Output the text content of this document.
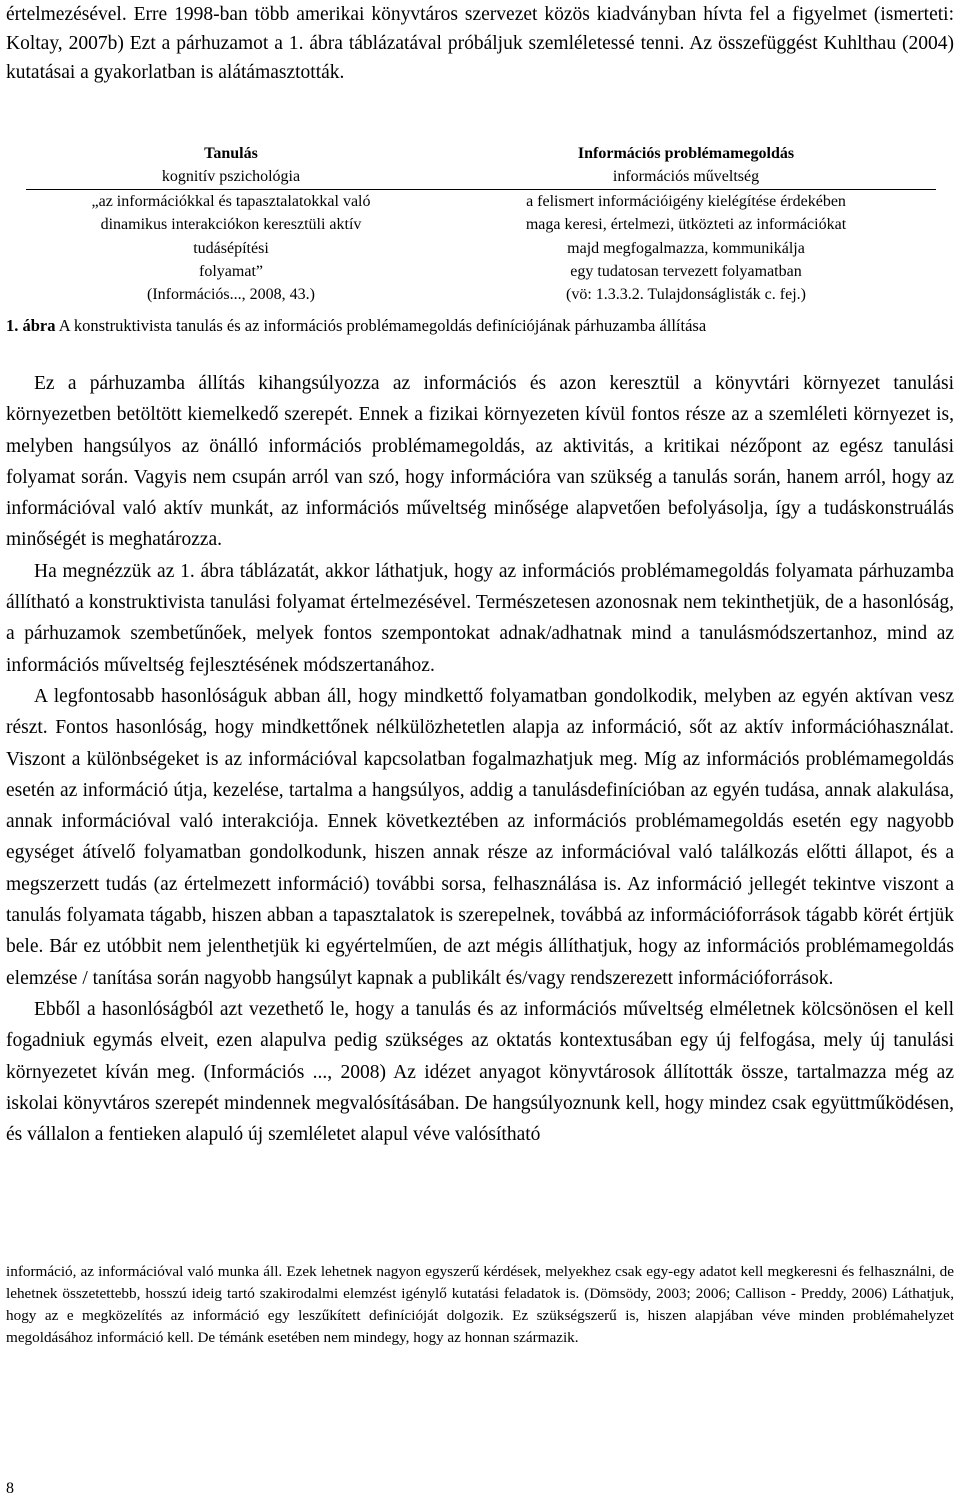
értelmezésével. Erre 1998-ban több amerikai könyvtáros szervezet közös kiadványban hívta fel a figyelmet (ismerteti: Koltay, 2007b) Ezt a párhuzamot a 1. ábra táblázatával próbáljuk szemléletessé tenni. Az összefüggést Kuhlthau (2004) kutatásai a gyakorlatban is alátámasztották.

Tanulás	Információs problémamegoldás
kognitív pszichológia	információs műveltség
„az információkkal és tapasztalatokkal való	a felismert információigény kielégítése érdekében
dinamikus interakciókon keresztüli aktív	maga keresi, értelmezi, ütközteti az információkat
tudásépítési	majd megfogalmazza, kommunikálja
folyamat”	egy tudatosan tervezett folyamatban
(Információs..., 2008, 43.)	(vö: 1.3.3.2. Tulajdonságlisták c. fej.)
1. ábra A konstruktivista tanulás és az információs problémamegoldás definíciójának párhuzamba állítása

Ez a párhuzamba állítás kihangsúlyozza az információs és azon keresztül a könyvtári környezet tanulási környezetben betöltött kiemelkedő szerepét. Ennek a fizikai környezeten kívül fontos része az a szemléleti környezet is, melyben hangsúlyos az önálló információs problémamegoldás, az aktivitás, a kritikai nézőpont az egész tanulási folyamat során. Vagyis nem csupán arról van szó, hogy információra van szükség a tanulás során, hanem arról, hogy az információval való aktív munkát, az információs műveltség minősége alapvetően befolyásolja, így a tudáskonstruálás minőségét is meghatározza.

Ha megnézzük az 1. ábra táblázatát, akkor láthatjuk, hogy az információs problémamegoldás folyamata párhuzamba állítható a konstruktivista tanulási folyamat értelmezésével. Természetesen azonosnak nem tekinthetjük, de a hasonlóság, a párhuzamok szembetűnőek, melyek fontos szempontokat adnak/adhatnak mind a tanulásmódszertanhoz, mind az információs műveltség fejlesztésének módszertanához.

A legfontosabb hasonlóságuk abban áll, hogy mindkettő folyamatban gondolkodik, melyben az egyén aktívan vesz részt. Fontos hasonlóság, hogy mindkettőnek nélkülözhetetlen alapja az információ, sőt az aktív információhasználat. Viszont a különbségeket is az információval kapcsolatban fogalmazhatjuk meg. Míg az információs problémamegoldás esetén az információ útja, kezelése, tartalma a hangsúlyos, addig a tanulásdefinícióban az egyén tudása, annak alakulása, annak információval való interakciója. Ennek következtében az információs problémamegoldás esetén egy nagyobb egységet átívelő folyamatban gondolkodunk, hiszen annak része az információval való találkozás előtti állapot, és a megszerzett tudás (az értelmezett információ) további sorsa, felhasználása is. Az információ jellegét tekintve viszont a tanulás folyamata tágabb, hiszen abban a tapasztalatok is szerepelnek, továbbá az információforrások tágabb körét értjük bele. Bár ez utóbbit nem jelenthetjük ki egyértelműen, de azt mégis állíthatjuk, hogy az információs problémamegoldás elemzése / tanítása során nagyobb hangsúlyt kapnak a publikált és/vagy rendszerezett információforrások.

Ebből a hasonlóságból azt vezethető le, hogy a tanulás és az információs műveltség elméletnek kölcsönösen el kell fogadniuk egymás elveit, ezen alapulva pedig szükséges az oktatás kontextusában egy új felfogása, mely új tanulási környezetet kíván meg. (Információs ..., 2008) Az idézet anyagot könyvtárosok állították össze, tartalmazza még az iskolai könyvtáros szerepét mindennek megvalósításában. De hangsúlyoznunk kell, hogy mindez csak együttműködésen, és vállalon a fentieken alapuló új szemléletet alapul véve valósítható

információ, az információval való munka áll. Ezek lehetnek nagyon egyszerű kérdések, melyekhez csak egy-egy adatot kell megkeresni és felhasználni, de lehetnek összetettebb, hosszú ideig tartó szakirodalmi elemzést igénylő kutatási feladatok is. (Dömsödy, 2003; 2006; Callison - Preddy, 2006) Láthatjuk, hogy az e megközelítés az információ egy leszűkített definícióját dolgozik. Ez szükségszerű is, hiszen alapjában véve minden problémahelyzet megoldásához információ kell. De témánk esetében nem mindegy, hogy az honnan származik.
8
